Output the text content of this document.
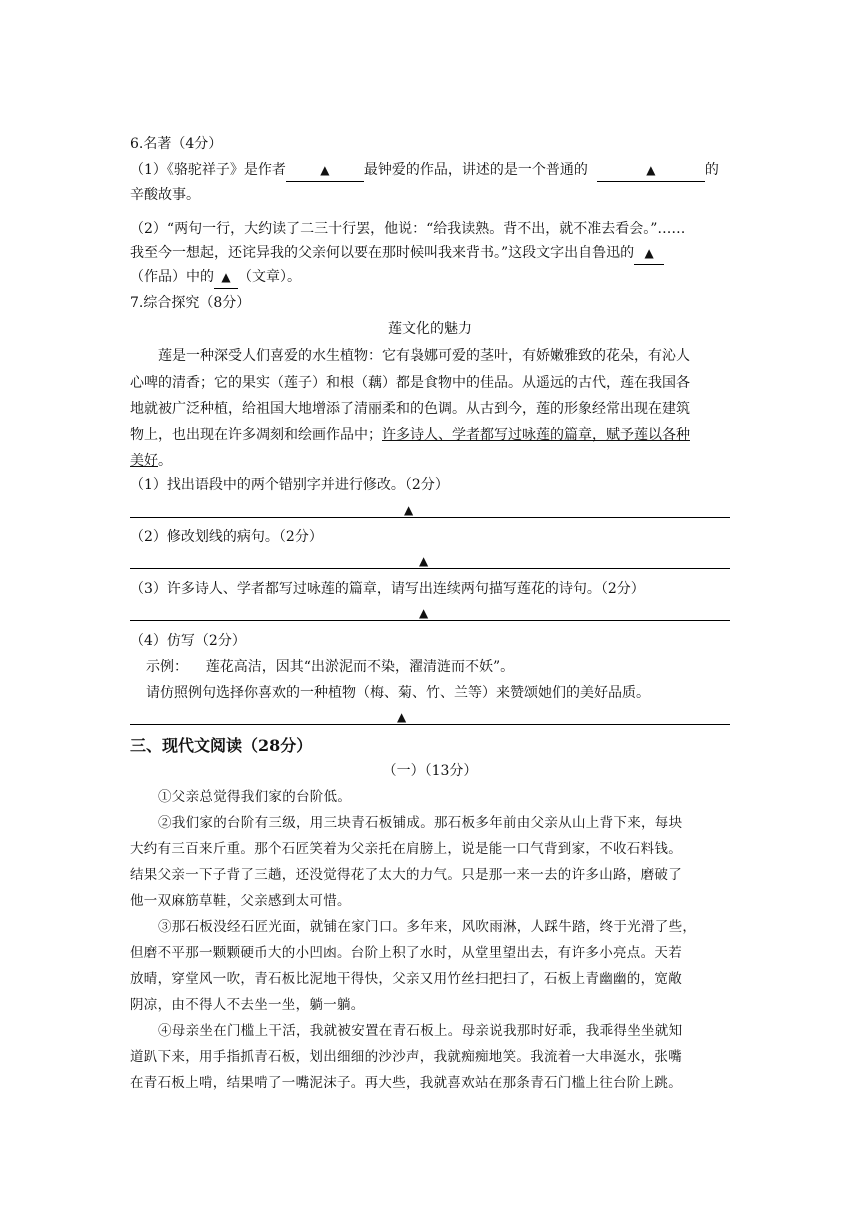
6.名著（4分）
（1）《骆驼祥子》是作者	▲ 最钟爱的作品，讲述的是一个普通的	▲	的
辛酸故事。
（2）“两句一行，大约读了二三十行罢，他说：“给我读熟。背不出，就不准去看会。”……
我至今一想起，还诧异我的父亲何以要在那时候叫我来背书。”这段文字出自鲁迅的 ▲
（作品）中的 ▲ （文章）。
7.综合探究（8分）
莲文化的魅力
莲是一种深受人们喜爱的水生植物：它有袅娜可爱的茎叶，有娇嫩雅致的花朵，有沁人
心啤的清香；它的果实（莲子）和根（藕）都是食物中的佳品。从遥远的古代，莲在我国各
地就被广泛种植，给祖国大地增添了清丽柔和的色调。从古到今，莲的形象经常出现在建筑
物上，也出现在许多凋刻和绘画作品中；许多诗人、学者都写过咏莲的篇章，赋予莲以各种
美好。
（1）找出语段中的两个错别字并进行修改。（2分）
▲
（2）修改划线的病句。（2分）
▲
（3）许多诗人、学者都写过咏莲的篇章，请写出连续两句描写莲花的诗句。（2分）
▲
（4）仿写（2分）
示例：    莲花高洁，因其“出淤泥而不染，濯清涟而不妖”。
请仿照例句选择你喜欢的一种植物（梅、菊、竹、兰等）来赞颂她们的美好品质。
▲
三、现代文阅读（28分）
（一）（13分）
①父亲总觉得我们家的台阶低。
②我们家的台阶有三级，用三块青石板铺成。那石板多年前由父亲从山上背下来，每块
大约有三百来斤重。那个石匠笑着为父亲托在肩膀上，说是能一口气背到家，不收石料钱。
结果父亲一下子背了三趟，还没觉得花了太大的力气。只是那一来一去的许多山路，磨破了
他一双麻筋草鞋，父亲感到太可惜。
③那石板没经石匠光面，就铺在家门口。多年来，风吹雨淋，人踩牛踏，终于光滑了些，
但磨不平那一颗颗硬币大的小凹凼。台阶上积了水时，从堂里望出去，有许多小亮点。天若
放晴，穿堂风一吹，青石板比泥地干得快，父亲又用竹丝扫把扫了，石板上青幽幽的，宽敞
阴凉，由不得人不去坐一坐，躺一躺。
④母亲坐在门槛上干活，我就被安置在青石板上。母亲说我那时好乖，我乖得坐坐就知
道趴下来，用手指抓青石板，划出细细的沙沙声，我就痴痴地笑。我流着一大串涎水，张嘴
在青石板上啃，结果啃了一嘴泥沫子。再大些，我就喜欢站在那条青石门槛上往台阶上跳。
